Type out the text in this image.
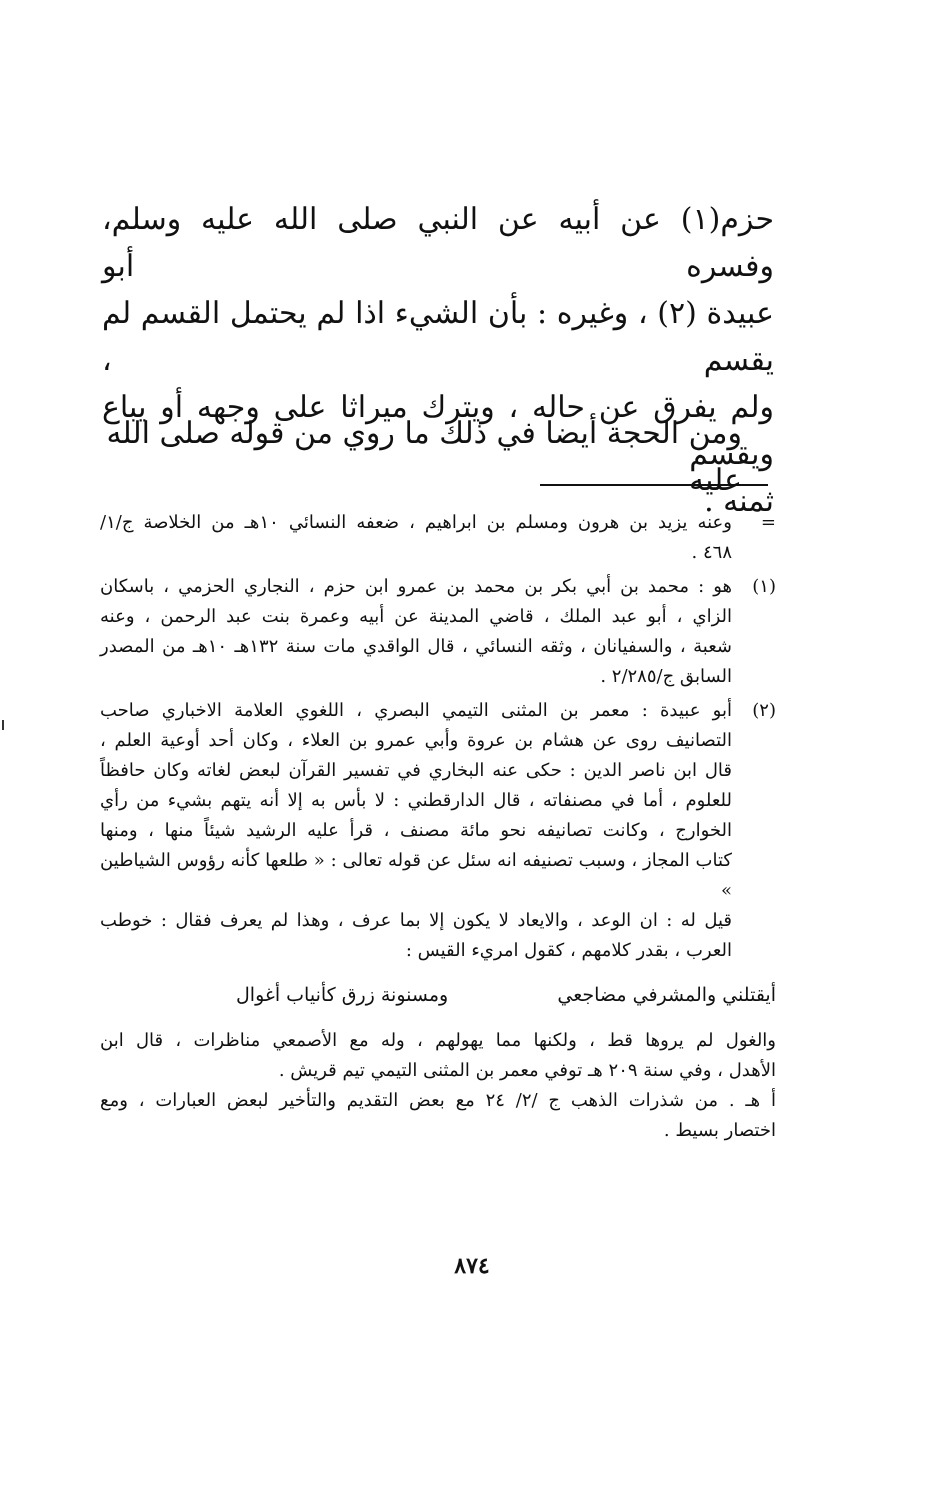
حزم(١) عن أبيه عن النبي صلى الله عليه وسلم، وفسره أبو
عبيدة (٢) ، وغيره : بأن الشيء اذا لم يحتمل القسم لم يقسم ،
ولم يفرق عن حاله ، ويترك ميراثا على وجهه أو يباع ويقسم
ثمنه .
ومن الحجة أيضا في ذلك ما روي من قوله صلى الله عليه
=
وعنه يزيد بن هرون ومسلم بن ابراهيم ، ضعفه النسائي ١٠هـ من الخلاصة ج/١/
٤٦٨ .
(١)
هو : محمد بن أبي بكر بن محمد بن عمرو ابن حزم ، النجاري الحزمي ، باسكان
الزاي ، أبو عبد الملك ، قاضي المدينة عن أبيه وعمرة بنت عبد الرحمن ، وعنه
شعبة ، والسفيانان ، وثقه النسائي ، قال الواقدي مات سنة ١٣٢هـ ١٠هـ من المصدر
السابق ج/٢/٢٨٥ .
(٢)
أبو عبيدة : معمر بن المثنى التيمي البصري ، اللغوي العلامة الاخباري صاحب
التصانيف روى عن هشام بن عروة وأبي عمرو بن العلاء ، وكان أحد أوعية العلم ،
قال ابن ناصر الدين : حكى عنه البخاري في تفسير القرآن لبعض لغاته وكان حافظاً
للعلوم ، أما في مصنفاته ، قال الدارقطني : لا بأس به إلا أنه يتهم بشيء من رأي
الخوارج ، وكانت تصانيفه نحو مائة مصنف ، قرأ عليه الرشيد شيئاً منها ، ومنها
كتاب المجاز ، وسبب تصنيفه انه سئل عن قوله تعالى : « طلعها كأنه رؤوس الشياطين »
قيل له : ان الوعد ، والايعاد لا يكون إلا بما عرف ، وهذا لم يعرف فقال : خوطب
العرب ، بقدر كلامهم ، كقول امريء القيس :
أيقتلني والمشرفي مضاجعي
ومسنونة زرق كأنياب أغوال
والغول لم يروها قط ، ولكنها مما يهولهم ، وله مع الأصمعي مناظرات ، قال ابن
الأهدل ، وفي سنة ٢٠٩ هـ توفي معمر بن المثنى التيمي تيم قريش .
أ هـ . من شذرات الذهب ج /٢/ ٢٤ مع بعض التقديم والتأخير لبعض العبارات ، ومع
اختصار بسيط .
٨٧٤
